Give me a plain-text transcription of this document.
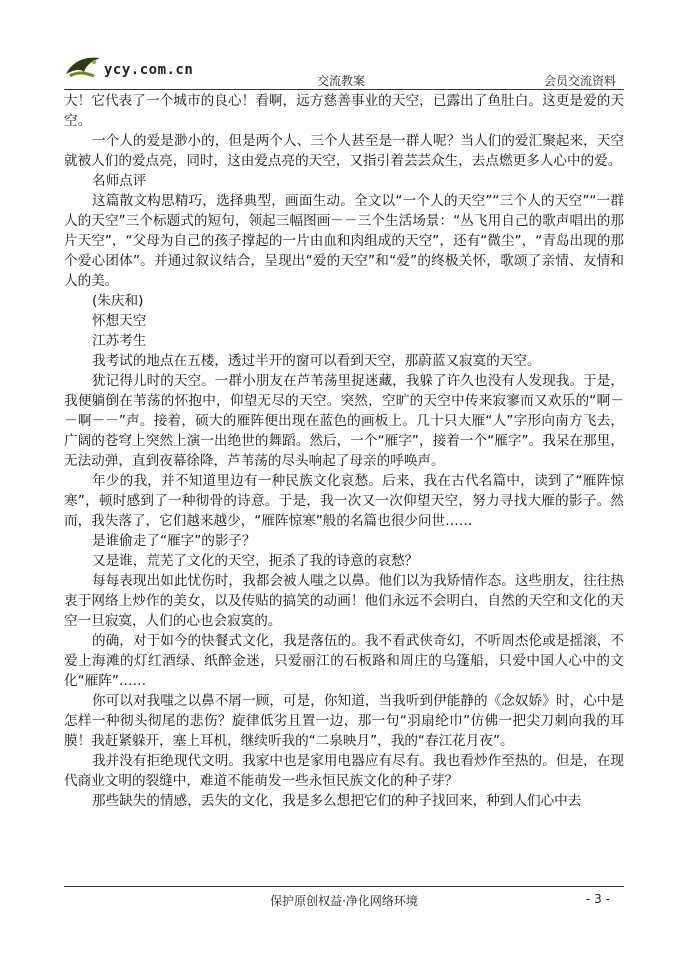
ycy.com.cn
交流教案	会员交流资料

大！它代表了一个城市的良心！看啊，远方慈善事业的天空，已露出了鱼肚白。这更是爱的天空。

一个人的爱是渺小的，但是两个人、三个人甚至是一群人呢？当人们的爱汇聚起来，天空就被人们的爱点亮，同时，这由爱点亮的天空，又指引着芸芸众生，去点燃更多人心中的爱。

名师点评

这篇散文构思精巧，选择典型，画面生动。全文以“一个人的天空”“三个人的天空”“一群人的天空”三个标题式的短句，领起三幅图画－－三个生活场景：“丛飞用自己的歌声唱出的那片天空”，“父母为自己的孩子撑起的一片由血和肉组成的天空”，还有“微尘”，“青岛出现的那个爱心团体”。并通过叙议结合，呈现出“爱的天空”和“爱”的终极关怀，歌颂了亲情、友情和人的美。

(朱庆和)

怀想天空

江苏考生

我考试的地点在五楼，透过半开的窗可以看到天空，那蔚蓝又寂寞的天空。

犹记得儿时的天空。一群小朋友在芦苇荡里捉迷藏，我躲了许久也没有人发现我。于是，我便躺倒在苇荡的怀抱中，仰望无尽的天空。突然，空旷的天空中传来寂寥而又欢乐的“啊－－啊－－”声。接着，硕大的雁阵便出现在蓝色的画板上。几十只大雁“人”字形向南方飞去，广阔的苍穹上突然上演一出绝世的舞蹈。然后，一个“雁字”，接着一个“雁字”。我呆在那里，无法动弹，直到夜幕徐降，芦苇荡的尽头响起了母亲的呼唤声。

年少的我，并不知道里边有一种民族文化哀愁。后来，我在古代名篇中，读到了“雁阵惊寒”，顿时感到了一种彻骨的诗意。于是，我一次又一次仰望天空，努力寻找大雁的影子。然而，我失落了，它们越来越少，“雁阵惊寒”般的名篇也很少问世……

是谁偷走了“雁字”的影子？

又是谁，荒芜了文化的天空，扼杀了我的诗意的哀愁？

每每表现出如此忧伤时，我都会被人嗤之以鼻。他们以为我矫情作态。这些朋友，往往热衷于网络上炒作的美女，以及传贴的搞笑的动画！他们永远不会明白，自然的天空和文化的天空一旦寂寞，人们的心也会寂寞的。

的确，对于如今的快餐式文化，我是落伍的。我不看武侠奇幻，不听周杰伦或是摇滚，不爱上海滩的灯红酒绿、纸醉金迷，只爱丽江的石板路和周庄的乌篷船，只爱中国人心中的文化“雁阵”……

你可以对我嗤之以鼻不屑一顾，可是，你知道，当我听到伊能静的《念奴娇》时，心中是怎样一种彻头彻尾的悲伤？旋律低劣且置一边，那一句“羽扇纶巾”仿佛一把尖刀刺向我的耳膜！我赶紧躲开，塞上耳机，继续听我的“二泉映月”，我的“春江花月夜”。

我并没有拒绝现代文明。我家中也是家用电器应有尽有。我也看炒作至热的。但是，在现代商业文明的裂缝中，难道不能萌发一些永恒民族文化的种子芽？

那些缺失的情感，丢失的文化，我是多么想把它们的种子找回来，种到人们心中去

保护原创权益·净化网络环境	- 3 -
